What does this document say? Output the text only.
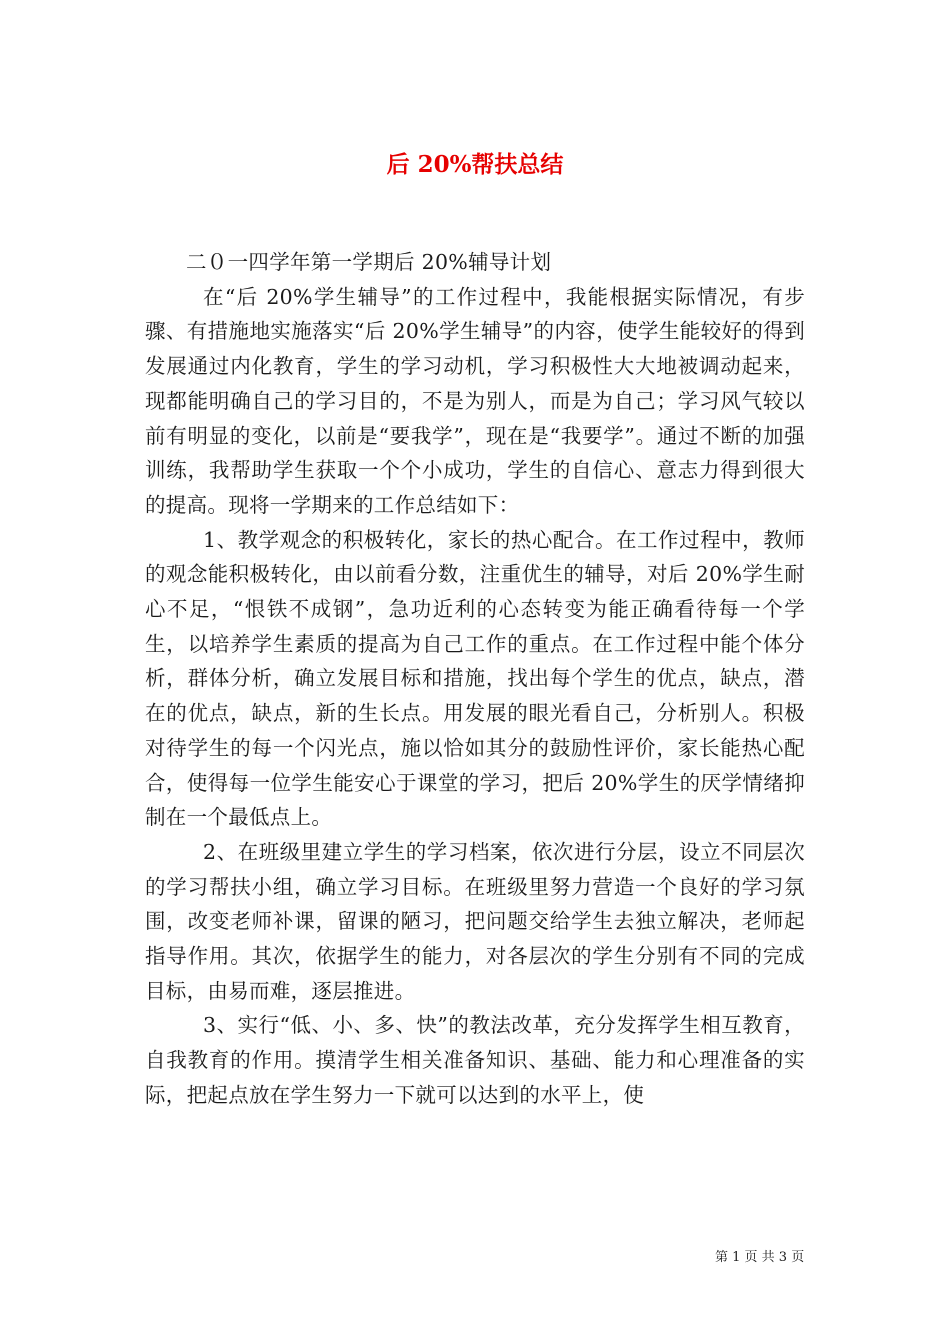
后 20%帮扶总结

二０一四学年第一学期后 20%辅导计划

在“后 20%学生辅导”的工作过程中，我能根据实际情况，有步骤、有措施地实施落实“后 20%学生辅导”的内容，使学生能较好的得到发展通过内化教育，学生的学习动机，学习积极性大大地被调动起来，现都能明确自己的学习目的，不是为别人，而是为自己；学习风气较以前有明显的变化，以前是“要我学”，现在是“我要学”。通过不断的加强训练，我帮助学生获取一个个小成功，学生的自信心、意志力得到很大的提高。现将一学期来的工作总结如下：

1、教学观念的积极转化，家长的热心配合。在工作过程中，教师的观念能积极转化，由以前看分数，注重优生的辅导，对后 20%学生耐心不足，“恨铁不成钢”，急功近利的心态转变为能正确看待每一个学生，以培养学生素质的提高为自己工作的重点。在工作过程中能个体分析，群体分析，确立发展目标和措施，找出每个学生的优点，缺点，潜在的优点，缺点，新的生长点。用发展的眼光看自己，分析别人。积极对待学生的每一个闪光点，施以恰如其分的鼓励性评价，家长能热心配合，使得每一位学生能安心于课堂的学习，把后 20%学生的厌学情绪抑制在一个最低点上。

2、在班级里建立学生的学习档案，依次进行分层，设立不同层次的学习帮扶小组，确立学习目标。在班级里努力营造一个良好的学习氛围，改变老师补课，留课的陋习，把问题交给学生去独立解决，老师起指导作用。其次，依据学生的能力，对各层次的学生分别有不同的完成目标，由易而难，逐层推进。

3、实行“低、小、多、快”的教法改革，充分发挥学生相互教育，自我教育的作用。摸清学生相关准备知识、基础、能力和心理准备的实际，把起点放在学生努力一下就可以达到的水平上，使

第 1 页 共 3 页
